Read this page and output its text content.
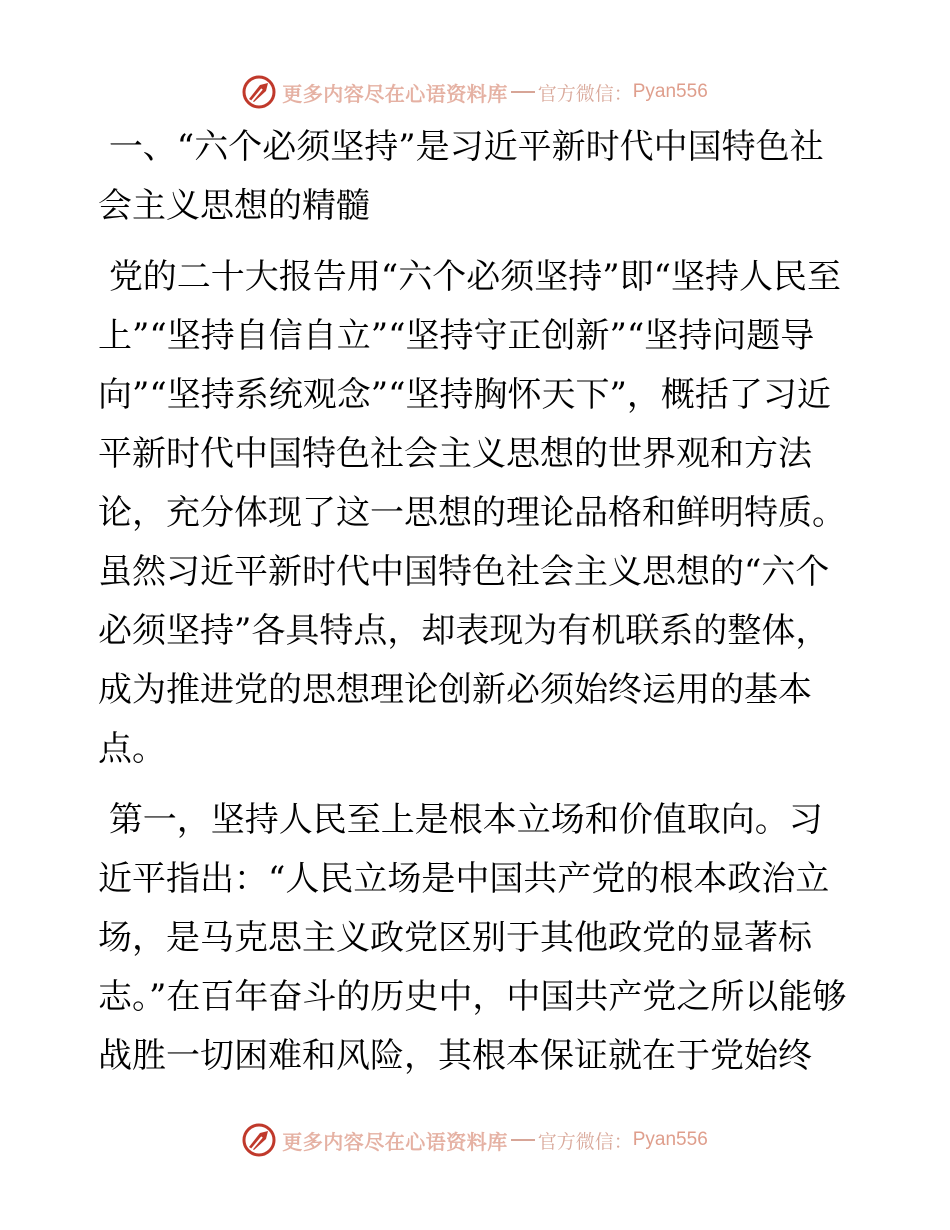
更多内容尽在心语资料库 官方微信： Pyan556

一、“六个必须坚持”是习近平新时代中国特色社会主义思想的精髓

党的二十大报告用“六个必须坚持”即“坚持人民至上”“坚持自信自立”“坚持守正创新”“坚持问题导向”“坚持系统观念”“坚持胸怀天下”，概括了习近平新时代中国特色社会主义思想的世界观和方法论，充分体现了这一思想的理论品格和鲜明特质。虽然习近平新时代中国特色社会主义思想的“六个必须坚持”各具特点，却表现为有机联系的整体，成为推进党的思想理论创新必须始终运用的基本点。

第一，坚持人民至上是根本立场和价值取向。习近平指出：“人民立场是中国共产党的根本政治立场，是马克思主义政党区别于其他政党的显著标志。”在百年奋斗的历史中，中国共产党之所以能够战胜一切困难和风险，其根本保证就在于党始终

更多内容尽在心语资料库 官方微信： Pyan556
